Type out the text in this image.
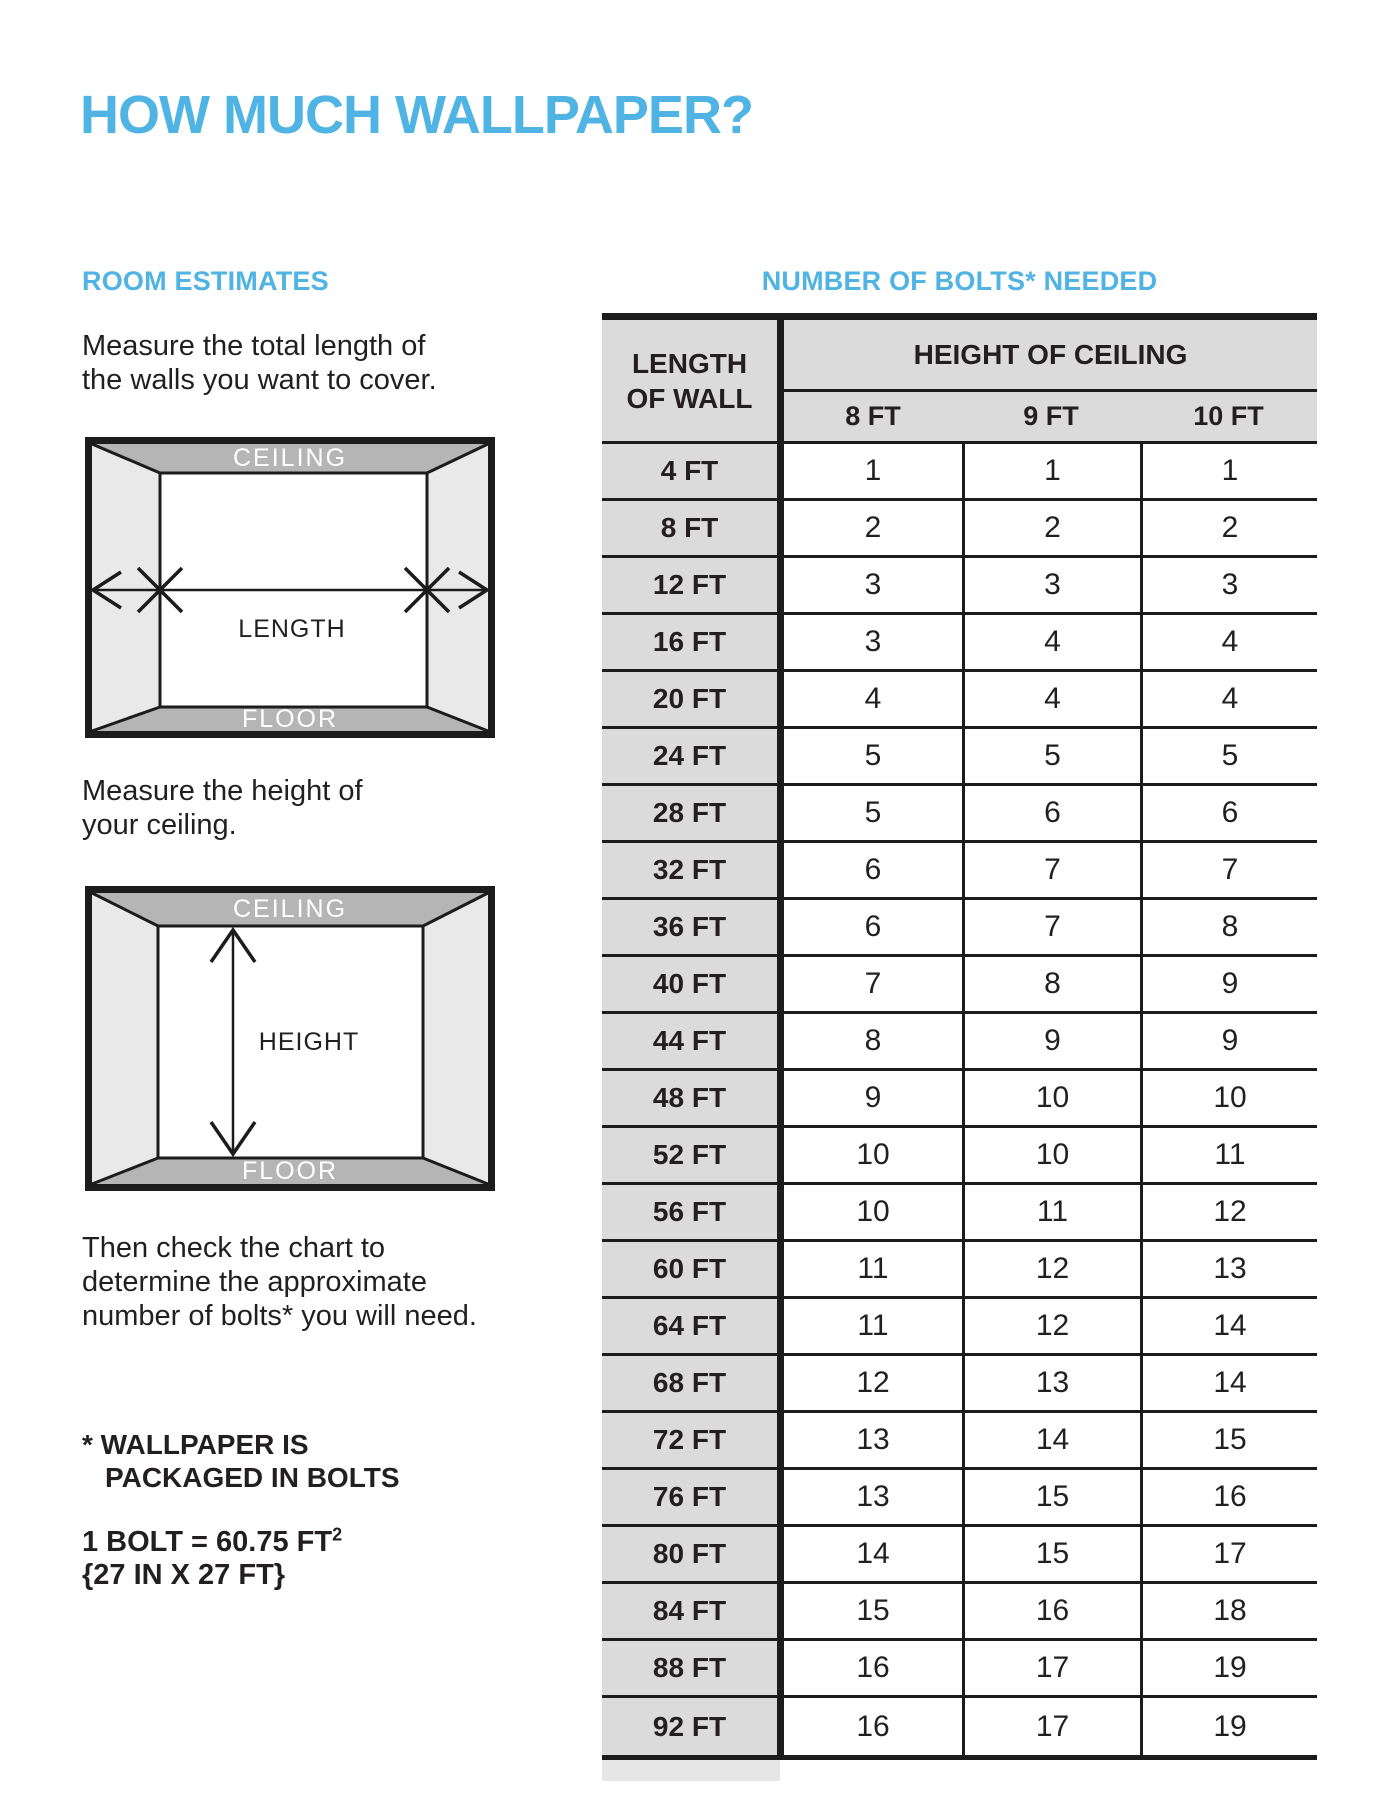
HOW MUCH WALLPAPER?
ROOM ESTIMATES
Measure the total length of
the walls you want to cover.
CEILING
FLOOR
LENGTH
Measure the height of
your ceiling.
CEILING
FLOOR
HEIGHT
Then check the chart to
determine the approximate
number of bolts* you will need.
* WALLPAPER IS
PACKAGED IN BOLTS
1 BOLT = 60.75 $FT^2$
{27 IN X 27 FT}
NUMBER OF BOLTS* NEEDED
LENGTH OF WALL
HEIGHT OF CEILING
8 FT	9 FT	10 FT
4 FT	1	1	1
8 FT	2	2	2
12 FT	3	3	3
16 FT	3	4	4
20 FT	4	4	4
24 FT	5	5	5
28 FT	5	6	6
32 FT	6	7	7
36 FT	6	7	8
40 FT	7	8	9
44 FT	8	9	9
48 FT	9	10	10
52 FT	10	10	11
56 FT	10	11	12
60 FT	11	12	13
64 FT	11	12	14
68 FT	12	13	14
72 FT	13	14	15
76 FT	13	15	16
80 FT	14	15	17
84 FT	15	16	18
88 FT	16	17	19
92 FT	16	17	19
